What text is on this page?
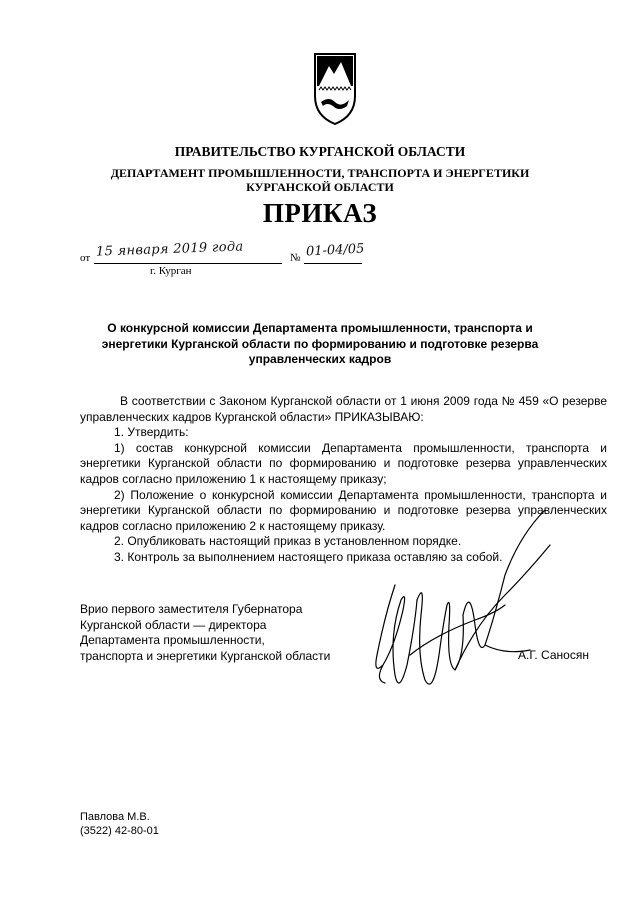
ПРАВИТЕЛЬСТВО КУРГАНСКОЙ ОБЛАСТИ
ДЕПАРТАМЕНТ ПРОМЫШЛЕННОСТИ, ТРАНСПОРТА И ЭНЕРГЕТИКИ
КУРГАНСКОЙ ОБЛАСТИ
ПРИКАЗ
от 15 января 2019 года	№ 01-04/05
г. Курган
О конкурсной комиссии Департамента промышленности, транспорта и энергетики Курганской области по формированию и подготовке резерва управленческих кадров

В соответствии с Законом Курганской области от 1 июня 2009 года № 459 «О резерве управленческих кадров Курганской области» ПРИКАЗЫВАЮ:

1. Утвердить:

1) состав конкурсной комиссии Департамента промышленности, транспорта и энергетики Курганской области по формированию и подготовке резерва управленческих кадров согласно приложению 1 к настоящему приказу;

2) Положение о конкурсной комиссии Департамента промышленности, транспорта и энергетики Курганской области по формированию и подготовке резерва управленческих кадров согласно приложению 2 к настоящему приказу.

2. Опубликовать настоящий приказ в установленном порядке.

3. Контроль за выполнением настоящего приказа оставляю за собой.

Врио первого заместителя Губернатора
Курганской области — директора
Департамента промышленности,
транспорта и энергетики Курганской области	А.Г. Саносян
Павлова М.В.
(3522) 42-80-01
